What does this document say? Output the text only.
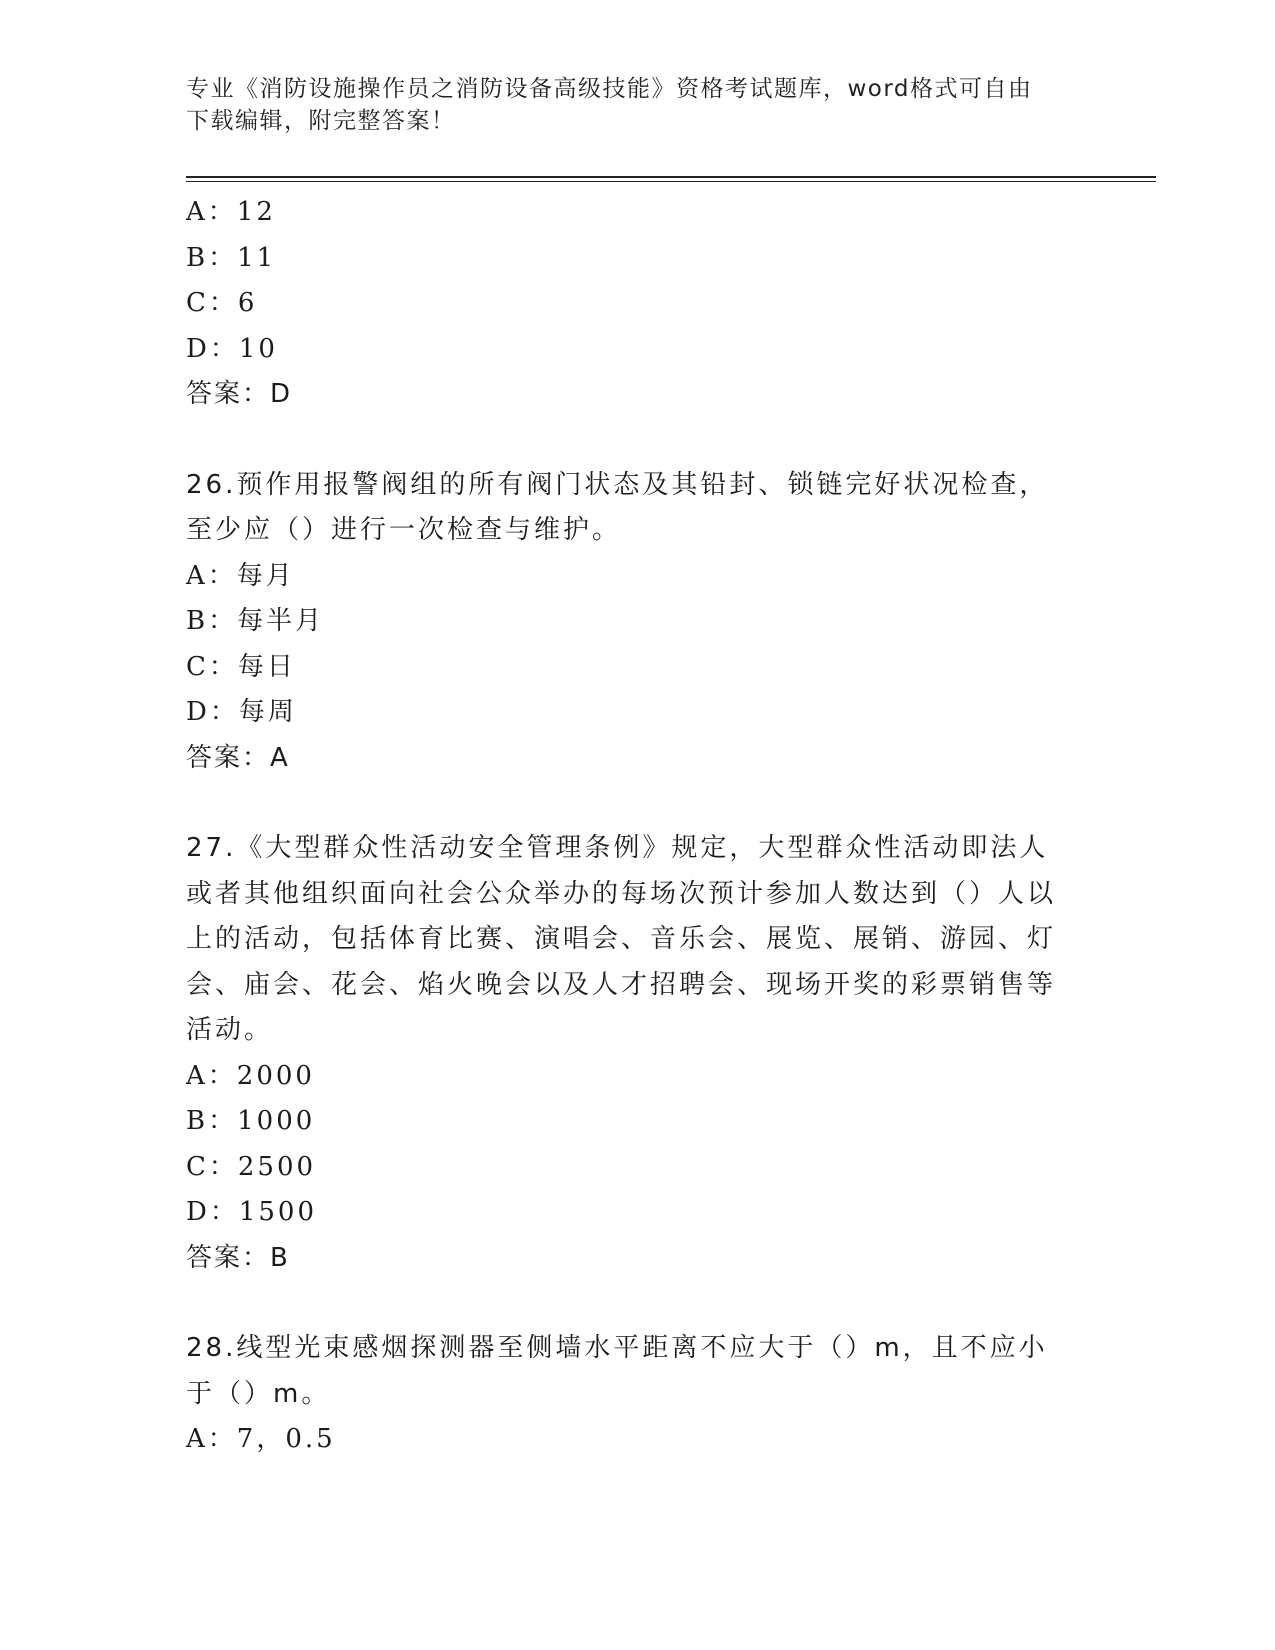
专业《消防设施操作员之消防设备高级技能》资格考试题库，word格式可自由下载编辑，附完整答案！
A：12
B：11
C：6
D：10
答案：D
26.预作用报警阀组的所有阀门状态及其铅封、锁链完好状况检查，至少应（）进行一次检查与维护。
A：每月
B：每半月
C：每日
D：每周
答案：A
27.《大型群众性活动安全管理条例》规定，大型群众性活动即法人或者其他组织面向社会公众举办的每场次预计参加人数达到（）人以上的活动，包括体育比赛、演唱会、音乐会、展览、展销、游园、灯会、庙会、花会、焰火晚会以及人才招聘会、现场开奖的彩票销售等活动。
A：2000
B：1000
C：2500
D：1500
答案：B
28.线型光束感烟探测器至侧墙水平距离不应大于（）m，且不应小于（）m。
A：7，0.5
